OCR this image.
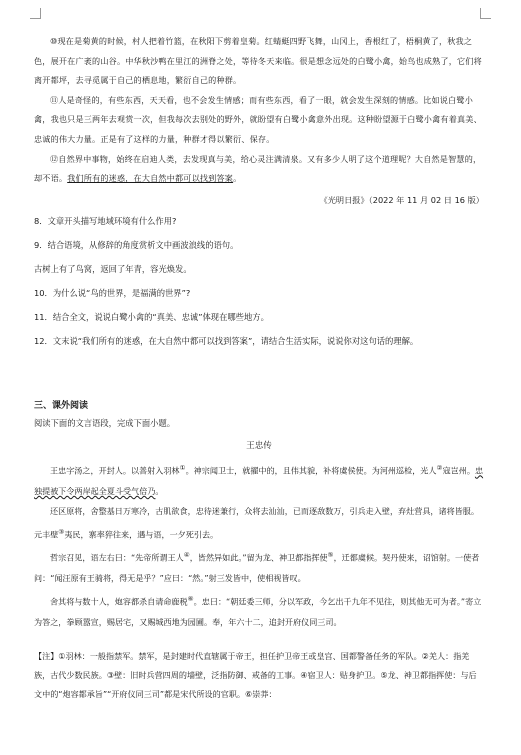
⑩现在是菊黄的时候，村人把着竹篮，在秋阳下剪着皇菊。红蜻蜓四野飞舞，山冈上，香根红了，梧桐黄了，秋我之色，展开在广袤的山谷。中华秋沙鸭在里江的洲脊之处，等待冬天来临。很是想念远处的白鹭小禽，始鸟也成熟了，它们将离开都坪，去寻觅属于自己的栖息地，繁衍自己的种群。

⑪人是奇怪的，有些东西，天天看，也不会发生情感；而有些东西，看了一眼，就会发生深刻的情感。比如说白鹭小禽，我也只是三两年去观赏一次，但我每次去别处的野外，就盼望有白鹭小禽意外出现。这种盼望源于白鹭小禽有着真美、忠诚的伟大力量。正是有了这样的力量，种群才得以繁衍、保存。

⑫自然界中事物，始终在启迪人类，去发现真与美，给心灵注满清泉。又有多少人明了这个道理呢？大自然是智慧的，却不语。我们所有的迷惑，在大自然中都可以找到答案。

《光明日报》（2022 年 11 月 02 日 16 版）

8．文章开头描写地域环境有什么作用?

9．结合语境，从修辞的角度赏析文中画波浪线的语句。

古树上有了鸟窝，返回了年青，容光焕发。

10．为什么说“鸟的世界，是福满的世界”?

11．结合全文，说说白鹭小禽的“真美、忠诚”体现在哪些地方。

12．文末说“我们所有的迷惑，在大自然中都可以找到答案”，请结合生活实际，说说你对这句话的理解。

三、课外阅读

阅读下面的文言语段，完成下面小题。

王忠传

王忠字汤之，开封人。以善射入羽林①。神宗闻卫士，就擢中的，且伟其貌，补将虞侯使。为河州巡检，光人②寇岂州。忠独提被下令两岸起全夏斗受气倍乃。

还区原将，舍整基日万寒冷，古肌欲食，忠待迷兼行，众将去汕汕，已而逐敌数万，引兵走入壁，弃灶营具，诸将皆服。元丰壁③夷民，寨率猝往来，遇与语，一夕死引去。

哲宗召见，语左右曰：“先帝所谓王人④，皆然异如此。”留为龙、神卫都指挥使⑤，迁都虞候。契丹使来，诏馆射。一使者问：“闻汪原有王骑将，得无是乎？”应曰：“然。”射三发皆中，使相视皆叹。

舍其将与数十人，炮容都杀自请命鹿税⑥。忠曰：“朝廷委三师，分以军政，今乞出千九年不见往，则其他无可为者。”寄立为答之，拳顾嚣宣，赐居宅，又赐城西地为园圃。奉，年六十二，追封开府仪同三司。

【注】①羽林：一般指禁军。禁军，是封建时代直辖属于帝王，担任护卫帝王或皇宫、国都警备任务的军队。②羌人：指羌族，古代少数民族。③壁：旧时兵营四周的墙壁，泛指防御、戒备的工事。④宿卫人：贴身护卫。⑤龙、神卫都指挥使：与后文中的“炮容都承旨”“开府仪同三司”都是宋代所设的官职。⑥崇莽：
